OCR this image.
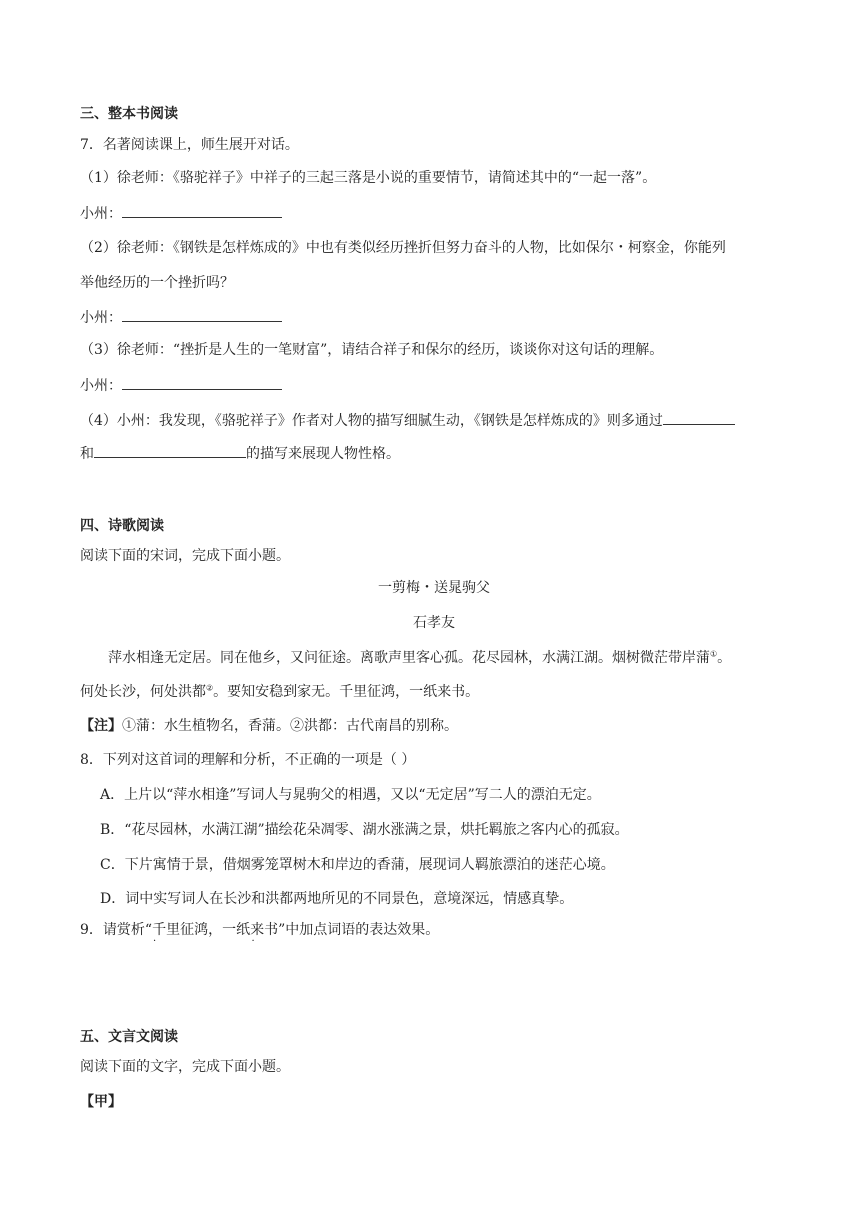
三、整本书阅读
7．名著阅读课上，师生展开对话。
（1）徐老师：《骆驼祥子》中祥子的三起三落是小说的重要情节，请简述其中的“一起一落”。
小州：
（2）徐老师：《钢铁是怎样炼成的》中也有类似经历挫折但努力奋斗的人物，比如保尔・柯察金，你能列
举他经历的一个挫折吗？
小州：
（3）徐老师：“挫折是人生的一笔财富”，请结合祥子和保尔的经历，谈谈你对这句话的理解。
小州：
（4）小州：我发现，《骆驼祥子》作者对人物的描写细腻生动，《钢铁是怎样炼成的》则多通过
和	的描写来展现人物性格。
四、诗歌阅读
阅读下面的宋词，完成下面小题。
一剪梅・送晁驹父
石孝友
萍水相逢无定居。同在他乡，又问征途。离歌声里客心孤。花尽园林，水满江湖。烟树微茫带岸蒲①。
何处长沙，何处洪都②。要知安稳到家无。千里征鸿，一纸来书。
【注】①蒲：水生植物名，香蒲。②洪都：古代南昌的别称。
8．下列对这首词的理解和分析，不正确的一项是（ ）
A．上片以“萍水相逢”写词人与晁驹父的相遇，又以“无定居”写二人的漂泊无定。
B．“花尽园林，水满江湖”描绘花朵凋零、湖水涨满之景，烘托羁旅之客内心的孤寂。
C．下片寓情于景，借烟雾笼罩树木和岸边的香蒲，展现词人羁旅漂泊的迷茫心境。
D．词中实写词人在长沙和洪都两地所见的不同景色，意境深远，情感真挚。
9．请赏析“千里征鸿，一纸来书”中加点词语的表达效果。
·                              ·
五、文言文阅读
阅读下面的文字，完成下面小题。
【甲】
